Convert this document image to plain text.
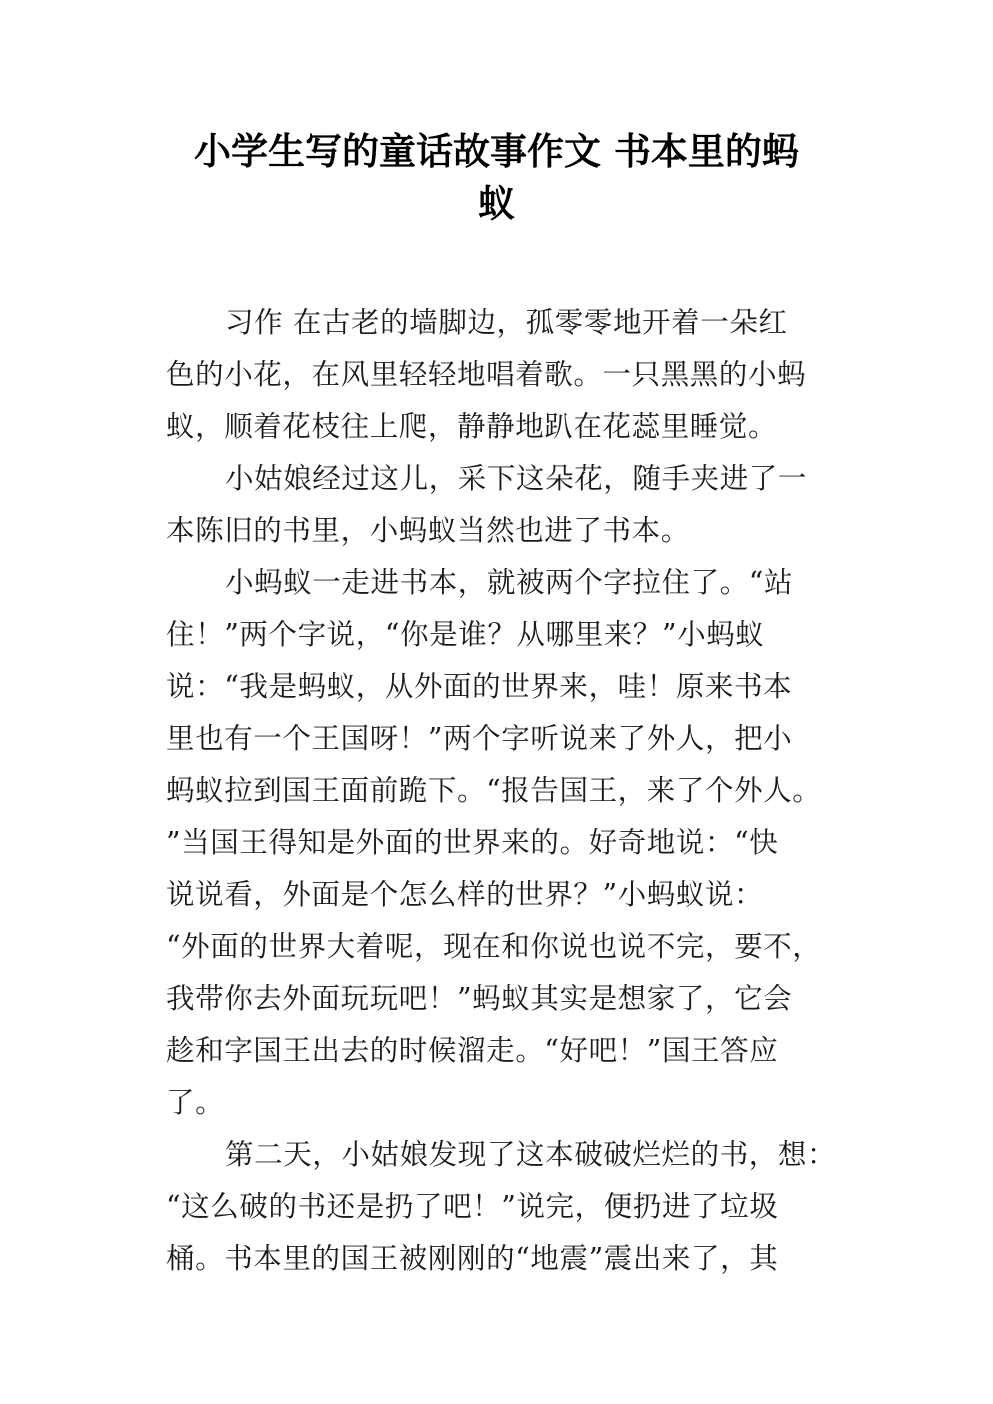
小学生写的童话故事作文 书本里的蚂
蚁
习作 在古老的墙脚边，孤零零地开着一朵红
色的小花，在风里轻轻地唱着歌。一只黑黑的小蚂
蚁，顺着花枝往上爬，静静地趴在花蕊里睡觉。
小姑娘经过这儿，采下这朵花，随手夹进了一
本陈旧的书里，小蚂蚁当然也进了书本。
小蚂蚁一走进书本，就被两个字拉住了。“站
住！”两个字说，“你是谁？从哪里来？”小蚂蚁
说：“我是蚂蚁，从外面的世界来，哇！原来书本
里也有一个王国呀！”两个字听说来了外人，把小
蚂蚁拉到国王面前跪下。“报告国王，来了个外人。
”当国王得知是外面的世界来的。好奇地说：“快
说说看，外面是个怎么样的世界？”小蚂蚁说：
“外面的世界大着呢，现在和你说也说不完，要不，
我带你去外面玩玩吧！”蚂蚁其实是想家了，它会
趁和字国王出去的时候溜走。“好吧！”国王答应
了。
第二天，小姑娘发现了这本破破烂烂的书，想：
“这么破的书还是扔了吧！”说完，便扔进了垃圾
桶。书本里的国王被刚刚的“地震”震出来了，其
